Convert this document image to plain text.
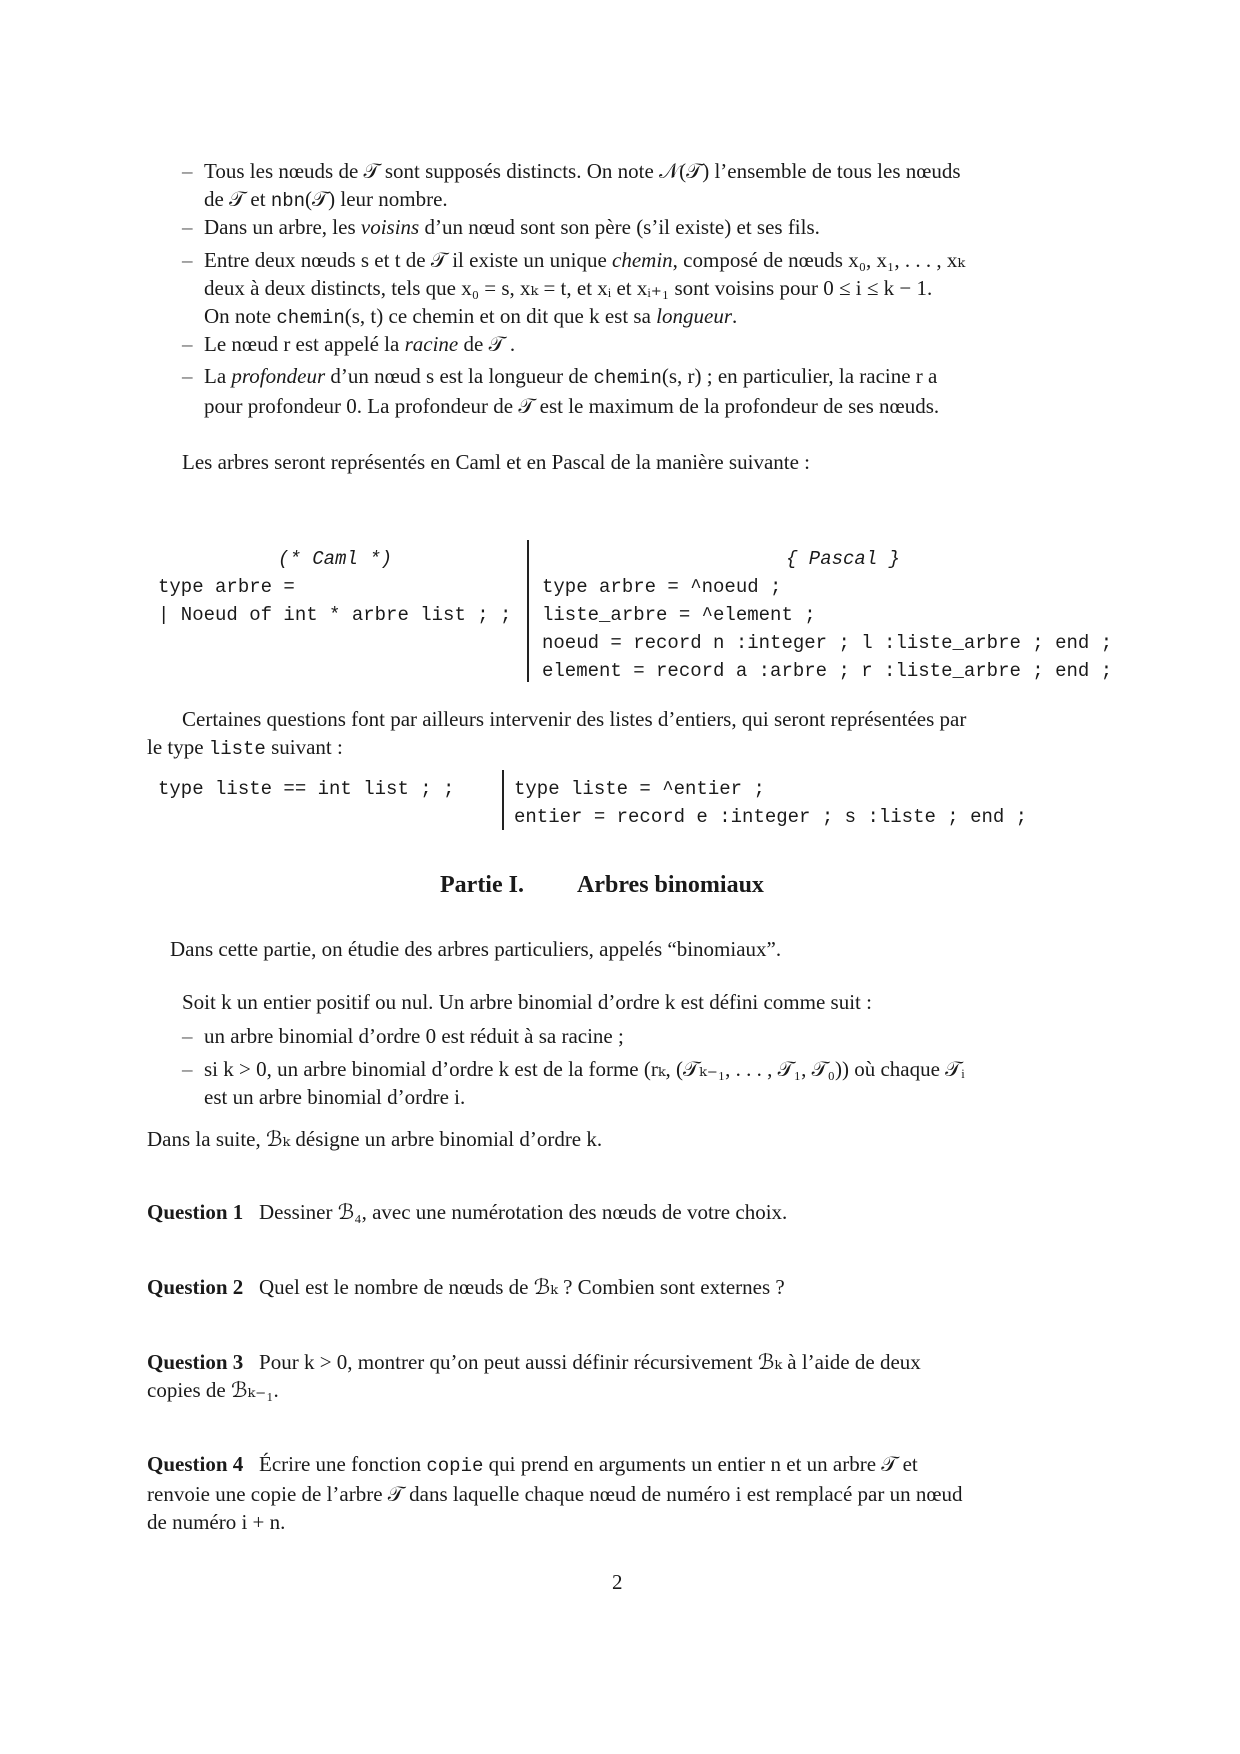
– Tous les nœuds de 𝒯 sont supposés distincts. On note 𝒩(𝒯) l’ensemble de tous les nœuds
de 𝒯 et nbn(𝒯) leur nombre.
– Dans un arbre, les voisins d’un nœud sont son père (s’il existe) et ses fils.
– Entre deux nœuds s et t de 𝒯 il existe un unique chemin, composé de nœuds x₀, x₁, . . . , xₖ
deux à deux distincts, tels que x₀ = s, xₖ = t, et xᵢ et xᵢ₊₁ sont voisins pour 0 ≤ i ≤ k − 1.
On note chemin(s, t) ce chemin et on dit que k est sa longueur.
– Le nœud r est appelé la racine de 𝒯 .
– La profondeur d’un nœud s est la longueur de chemin(s, r) ; en particulier, la racine r a
pour profondeur 0. La profondeur de 𝒯 est le maximum de la profondeur de ses nœuds.
Les arbres seront représentés en Caml et en Pascal de la manière suivante :
(* Caml *)
type arbre =
| Noeud of int * arbre list ; ;
{ Pascal }
type arbre = ^noeud ;
liste_arbre = ^element ;
noeud = record n :integer ; l :liste_arbre ; end ;
element = record a :arbre ; r :liste_arbre ; end ;
Certaines questions font par ailleurs intervenir des listes d’entiers, qui seront représentées par
le type liste suivant :
type liste == int list ; ;	type liste = ^entier ;
entier = record e :integer ; s :liste ; end ;
Partie I. Arbres binomiaux
Dans cette partie, on étudie des arbres particuliers, appelés “binomiaux”.
Soit k un entier positif ou nul. Un arbre binomial d’ordre k est défini comme suit :
– un arbre binomial d’ordre 0 est réduit à sa racine ;
– si k > 0, un arbre binomial d’ordre k est de la forme (rₖ, (𝒯ₖ₋₁, . . . , 𝒯₁, 𝒯₀)) où chaque 𝒯ᵢ
est un arbre binomial d’ordre i.
Dans la suite, ℬₖ désigne un arbre binomial d’ordre k.
Question 1 Dessiner ℬ₄, avec une numérotation des nœuds de votre choix.
Question 2 Quel est le nombre de nœuds de ℬₖ ? Combien sont externes ?
Question 3 Pour k > 0, montrer qu’on peut aussi définir récursivement ℬₖ à l’aide de deux
copies de ℬₖ₋₁.
Question 4 Écrire une fonction copie qui prend en arguments un entier n et un arbre 𝒯 et
renvoie une copie de l’arbre 𝒯 dans laquelle chaque nœud de numéro i est remplacé par un nœud
de numéro i + n.
2
